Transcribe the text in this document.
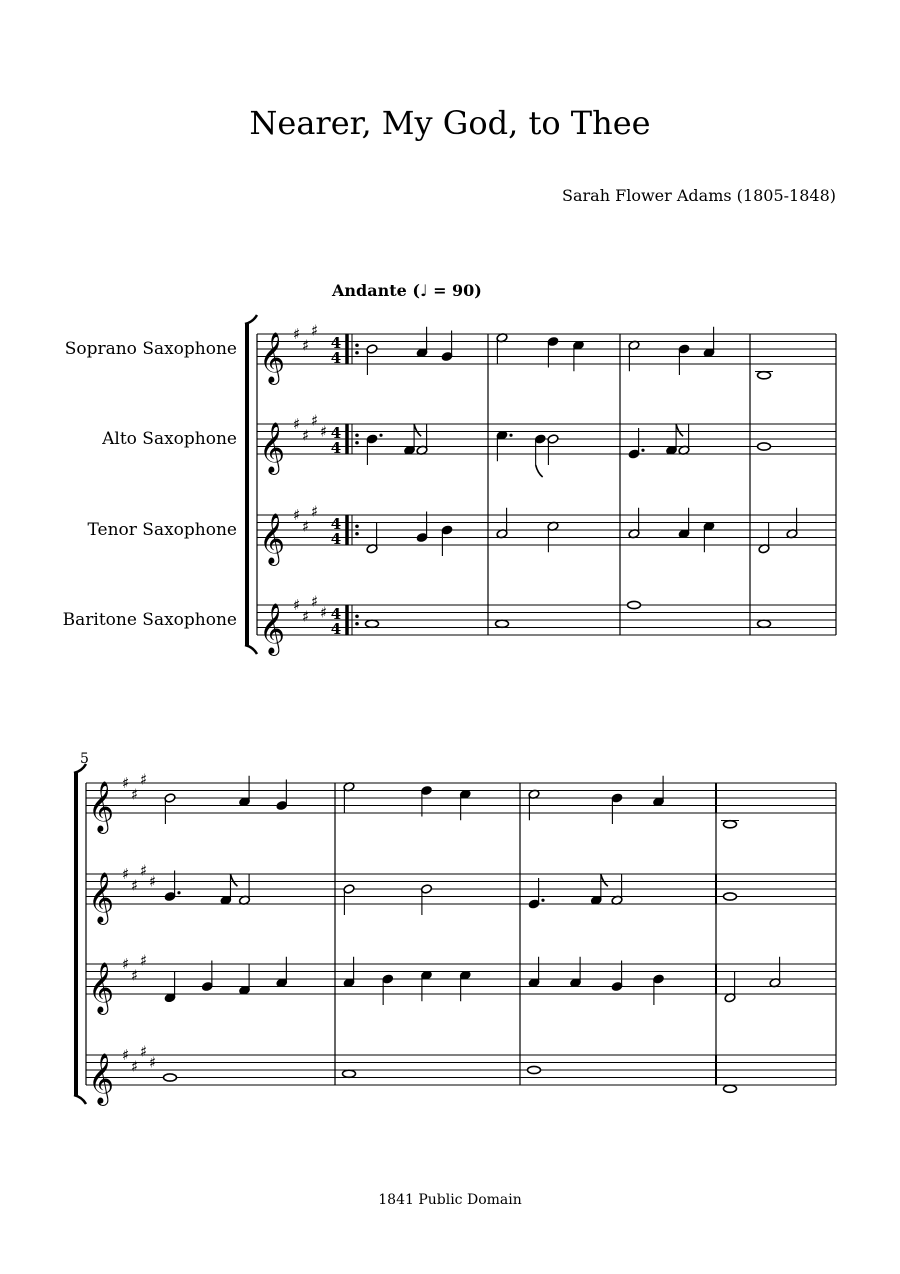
Nearer, My God, to Thee
Sarah Flower Adams (1805-1848)
Andante (♩ = 90)
Soprano Saxophone
Alto Saxophone
Tenor Saxophone
Baritone Saxophone
5
𝄞 ♯
♯
♯
4
4
𝄞 ♯
♯
♯
♯ 4
4
𝄞 ♯
♯
♯
4
4
𝄞 ♯
♯
♯
♯ 4
4
𝄞 ♯
♯
♯
𝄞 ♯
♯
♯
♯
𝄞 ♯
♯
♯
𝄞 ♯
♯
♯
♯
1841 Public Domain
